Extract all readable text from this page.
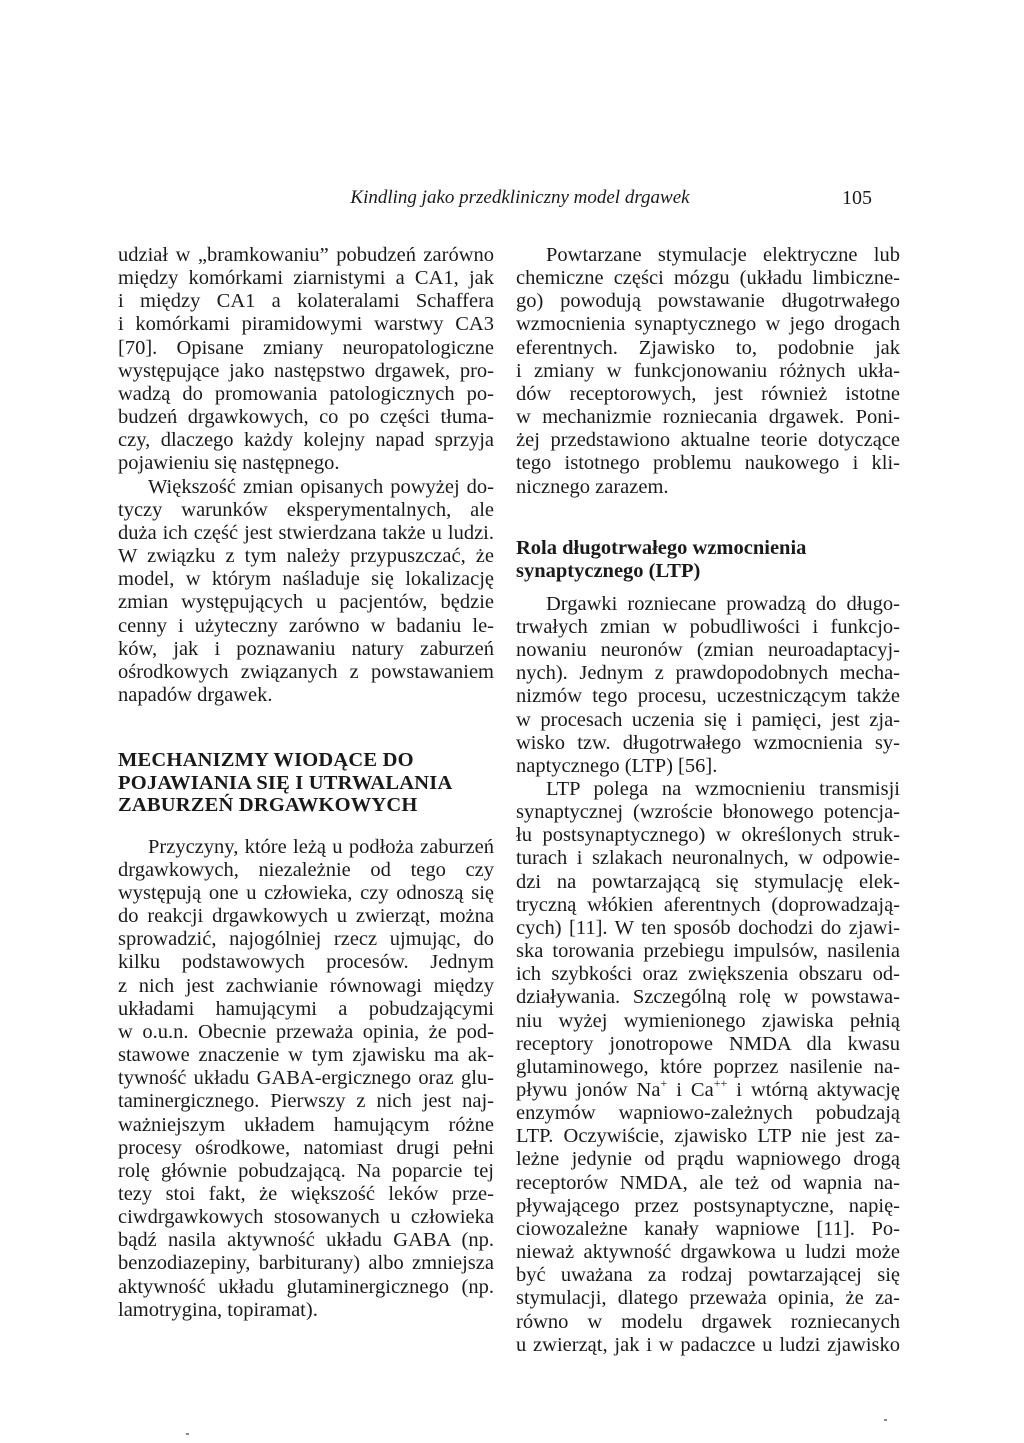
Kindling jako przedkliniczny model drgawek	105

udział w „bramkowaniu” pobudzeń zarówno
między komórkami ziarnistymi a CA1, jak
i między CA1 a kolateralami Schaffera
i komórkami piramidowymi warstwy CA3
[70]. Opisane zmiany neuropatologiczne
występujące jako następstwo drgawek, pro-
wadzą do promowania patologicznych po-
budzeń drgawkowych, co po części tłuma-
czy, dlaczego każdy kolejny napad sprzyja
pojawieniu się następnego.

Większość zmian opisanych powyżej do-
tyczy warunków eksperymentalnych, ale
duża ich część jest stwierdzana także u ludzi.
W związku z tym należy przypuszczać, że
model, w którym naśladuje się lokalizację
zmian występujących u pacjentów, będzie
cenny i użyteczny zarówno w badaniu le-
ków, jak i poznawaniu natury zaburzeń
ośrodkowych związanych z powstawaniem
napadów drgawek.

MECHANIZMY WIODĄCE DO
POJAWIANIA SIĘ I UTRWALANIA
ZABURZEŃ DRGAWKOWYCH

Przyczyny, które leżą u podłoża zaburzeń
drgawkowych, niezależnie od tego czy
występują one u człowieka, czy odnoszą się
do reakcji drgawkowych u zwierząt, można
sprowadzić, najogólniej rzecz ujmując, do
kilku podstawowych procesów. Jednym
z nich jest zachwianie równowagi między
układami hamującymi a pobudzającymi
w o.u.n. Obecnie przeważa opinia, że pod-
stawowe znaczenie w tym zjawisku ma ak-
tywność układu GABA-ergicznego oraz glu-
taminergicznego. Pierwszy z nich jest naj-
ważniejszym układem hamującym różne
procesy ośrodkowe, natomiast drugi pełni
rolę głównie pobudzającą. Na poparcie tej
tezy stoi fakt, że większość leków prze-
ciwdrgawkowych stosowanych u człowieka
bądź nasila aktywność układu GABA (np.
benzodiazepiny, barbiturany) albo zmniejsza
aktywność układu glutaminergicznego (np.
lamotrygina, topiramat).

Powtarzane stymulacje elektryczne lub
chemiczne części mózgu (układu limbiczne-
go) powodują powstawanie długotrwałego
wzmocnienia synaptycznego w jego drogach
eferentnych. Zjawisko to, podobnie jak
i zmiany w funkcjonowaniu różnych ukła-
dów receptorowych, jest również istotne
w mechanizmie rozniecania drgawek. Poni-
żej przedstawiono aktualne teorie dotyczące
tego istotnego problemu naukowego i kli-
nicznego zarazem.

Rola długotrwałego wzmocnienia
synaptycznego (LTP)

Drgawki rozniecane prowadzą do długo-
trwałych zmian w pobudliwości i funkcjo-
nowaniu neuronów (zmian neuroadaptacyj-
nych). Jednym z prawdopodobnych mecha-
nizmów tego procesu, uczestniczącym także
w procesach uczenia się i pamięci, jest zja-
wisko tzw. długotrwałego wzmocnienia sy-
naptycznego (LTP) [56].

LTP polega na wzmocnieniu transmisji
synaptycznej (wzroście błonowego potencja-
łu postsynaptycznego) w określonych struk-
turach i szlakach neuronalnych, w odpowie-
dzi na powtarzającą się stymulację elek-
tryczną włókien aferentnych (doprowadzają-
cych) [11]. W ten sposób dochodzi do zjawi-
ska torowania przebiegu impulsów, nasilenia
ich szybkości oraz zwiększenia obszaru od-
działywania. Szczególną rolę w powstawa-
niu wyżej wymienionego zjawiska pełnią
receptory jonotropowe NMDA dla kwasu
glutaminowego, które poprzez nasilenie na-
pływu jonów Na+ i Ca++ i wtórną aktywację
enzymów wapniowo-zależnych pobudzają
LTP. Oczywiście, zjawisko LTP nie jest za-
leżne jedynie od prądu wapniowego drogą
receptorów NMDA, ale też od wapnia na-
pływającego przez postsynaptyczne, napię-
ciowozależne kanały wapniowe [11]. Po-
nieważ aktywność drgawkowa u ludzi może
być uważana za rodzaj powtarzającej się
stymulacji, dlatego przeważa opinia, że za-
równo w modelu drgawek rozniecanych
u zwierząt, jak i w padaczce u ludzi zjawisko
